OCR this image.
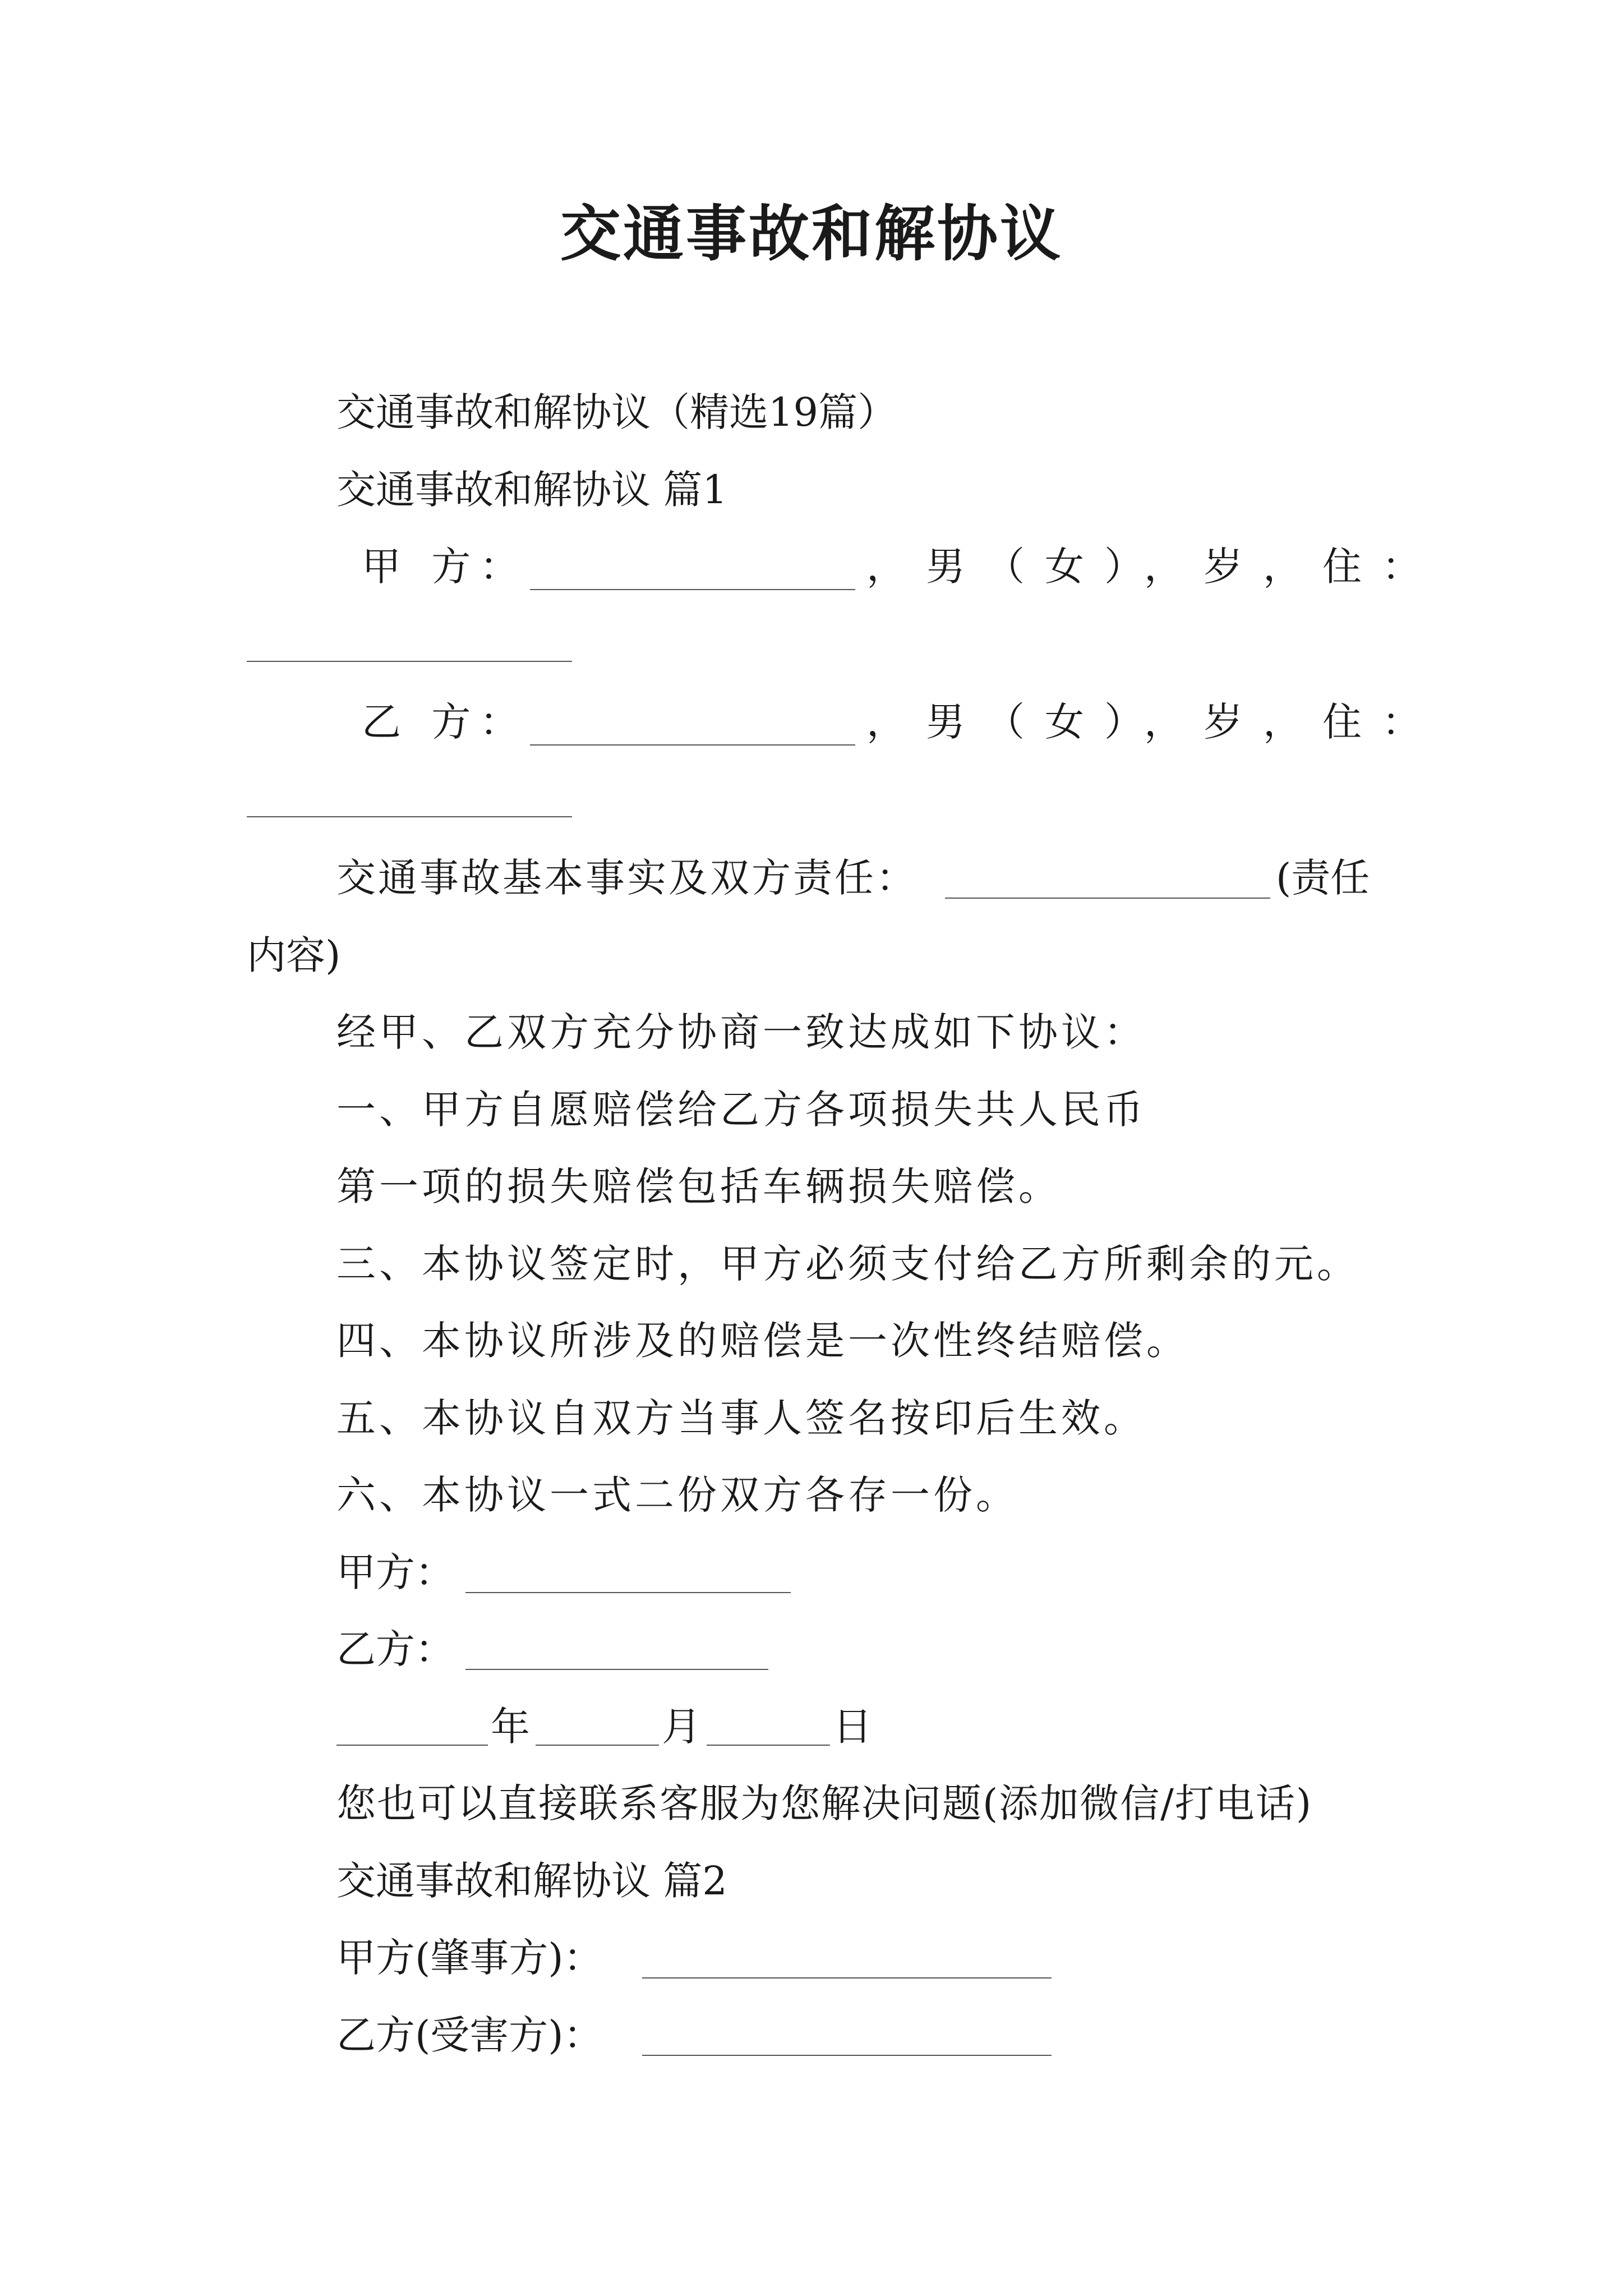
交通事故和解协议
交通事故和解协议（精选19篇）
交通事故和解协议 篇1
甲 方：	，男（女），岁，住：
乙 方：	，男（女），岁，住：
交通事故基本事实及双方责任：	(责任
内容)
经甲、乙双方充分协商一致达成如下协议：
一、甲方自愿赔偿给乙方各项损失共人民币
第一项的损失赔偿包括车辆损失赔偿。
三、本协议签定时，甲方必须支付给乙方所剩余的元。
四、本协议所涉及的赔偿是一次性终结赔偿。
五、本协议自双方当事人签名按印后生效。
六、本协议一式二份双方各存一份。
甲方：
乙方：
年	月	日
您也可以直接联系客服为您解决问题(添加微信/打电话)
交通事故和解协议 篇2
甲方(肇事方)：
乙方(受害方)：
